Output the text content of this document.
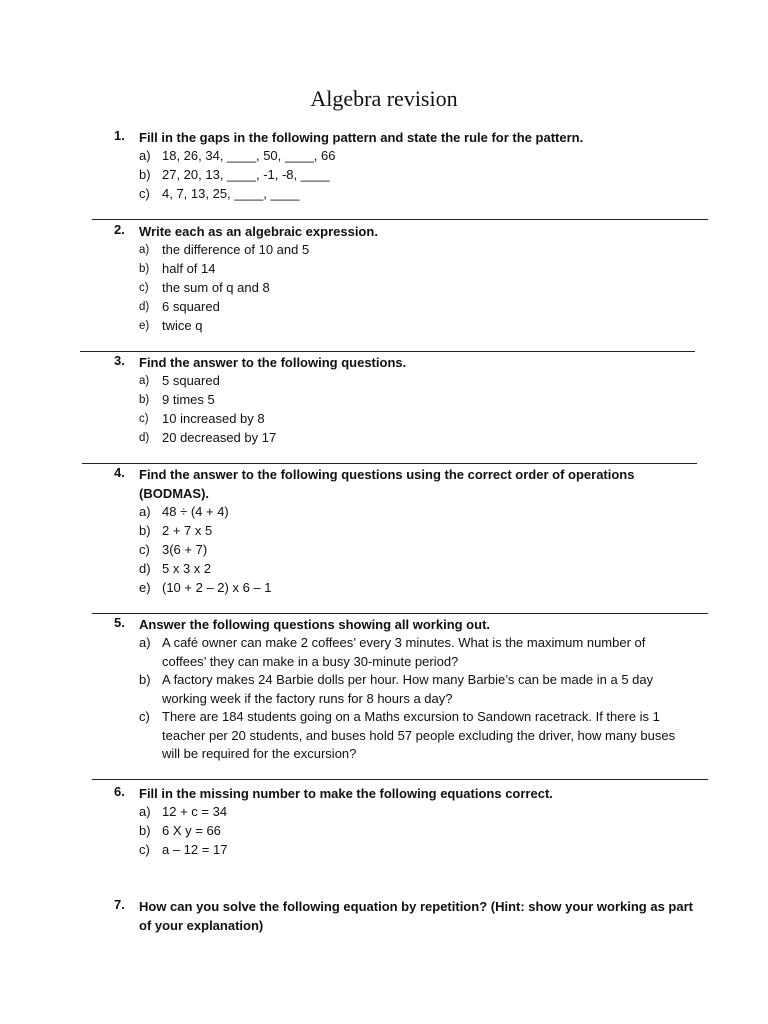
Algebra revision
1. Fill in the gaps in the following pattern and state the rule for the pattern.
a) 18, 26, 34, ____, 50, ____, 66
b) 27, 20, 13, ____, -1, -8, ____
c) 4, 7, 13, 25, ____, ____
2. Write each as an algebraic expression.
a) the difference of 10 and 5
b) half of 14
c) the sum of q and 8
d) 6 squared
e) twice q
3. Find the answer to the following questions.
a) 5 squared
b) 9 times 5
c) 10 increased by 8
d) 20 decreased by 17
4. Find the answer to the following questions using the correct order of operations
(BODMAS).
a) 48 ÷ (4 + 4)
b) 2 + 7 x 5
c) 3(6 + 7)
d) 5 x 3 x 2
e) (10 + 2 – 2) x 6 – 1
5. Answer the following questions showing all working out.
a) A café owner can make 2 coffees’ every 3 minutes. What is the maximum number of
coffees’ they can make in a busy 30-minute period?
b) A factory makes 24 Barbie dolls per hour. How many Barbie’s can be made in a 5 day
working week if the factory runs for 8 hours a day?
c) There are 184 students going on a Maths excursion to Sandown racetrack. If there is 1
teacher per 20 students, and buses hold 57 people excluding the driver, how many buses
will be required for the excursion?
6. Fill in the missing number to make the following equations correct.
a) 12 + c = 34
b) 6 X y = 66
c) a – 12 = 17
7. How can you solve the following equation by repetition? (Hint: show your working as part
of your explanation)
